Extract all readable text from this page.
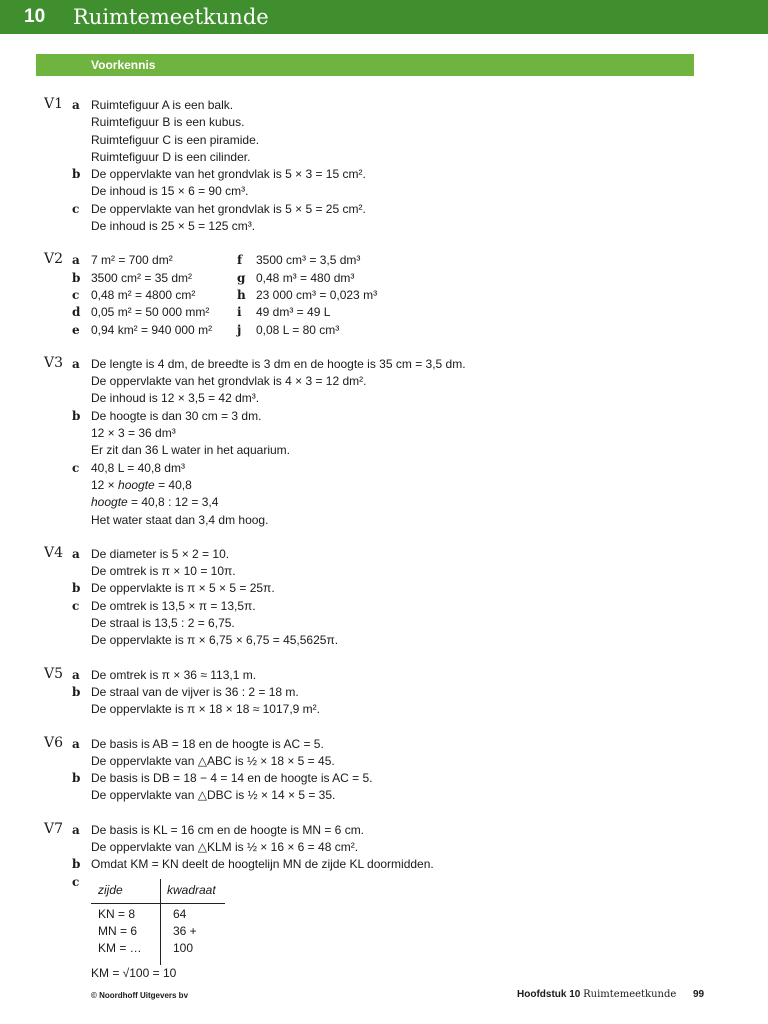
10 Ruimtemeetkunde
Voorkennis
V1 a Ruimtefiguur A is een balk.
Ruimtefiguur B is een kubus.
Ruimtefiguur C is een piramide.
Ruimtefiguur D is een cilinder.
b De oppervlakte van het grondvlak is 5 × 3 = 15 cm².
De inhoud is 15 × 6 = 90 cm³.
c De oppervlakte van het grondvlak is 5 × 5 = 25 cm².
De inhoud is 25 × 5 = 125 cm³.
V2 a 7 m² = 700 dm²	f 3500 cm³ = 3,5 dm³
b 3500 cm² = 35 dm²	g 0,48 m³ = 480 dm³
c 0,48 m² = 4800 cm²	h 23 000 cm³ = 0,023 m³
d 0,05 m² = 50 000 mm² i 49 dm³ = 49 L
e 0,94 km² = 940 000 m² j 0,08 L = 80 cm³
V3 a De lengte is 4 dm, de breedte is 3 dm en de hoogte is 35 cm = 3,5 dm.
De oppervlakte van het grondvlak is 4 × 3 = 12 dm².
De inhoud is 12 × 3,5 = 42 dm³.
b De hoogte is dan 30 cm = 3 dm.
12 × 3 = 36 dm³
Er zit dan 36 L water in het aquarium.
c 40,8 L = 40,8 dm³
12 × hoogte = 40,8
hoogte = 40,8 : 12 = 3,4
Het water staat dan 3,4 dm hoog.
V4 a De diameter is 5 × 2 = 10.
De omtrek is π × 10 = 10π.
b De oppervlakte is π × 5 × 5 = 25π.
c De omtrek is 13,5 × π = 13,5π.
De straal is 13,5 : 2 = 6,75.
De oppervlakte is π × 6,75 × 6,75 = 45,5625π.
V5 a De omtrek is π × 36 ≈ 113,1 m.
b De straal van de vijver is 36 : 2 = 18 m.
De oppervlakte is π × 18 × 18 ≈ 1017,9 m².
V6 a De basis is AB = 18 en de hoogte is AC = 5.
De oppervlakte van △ABC is ½ × 18 × 5 = 45.
b De basis is DB = 18 − 4 = 14 en de hoogte is AC = 5.
De oppervlakte van △DBC is ½ × 14 × 5 = 35.
V7 a De basis is KL = 16 cm en de hoogte is MN = 6 cm.
De oppervlakte van △KLM is ½ × 16 × 6 = 48 cm².
b Omdat KM = KN deelt de hoogtelijn MN de zijde KL doormidden.
c
zijde	kwadraat
KN = 8	64
MN = 6	36 +
KM = …	100
KM = √100 = 10
© Noordhoff Uitgevers bv	Hoofdstuk 10 Ruimtemeetkunde 99
